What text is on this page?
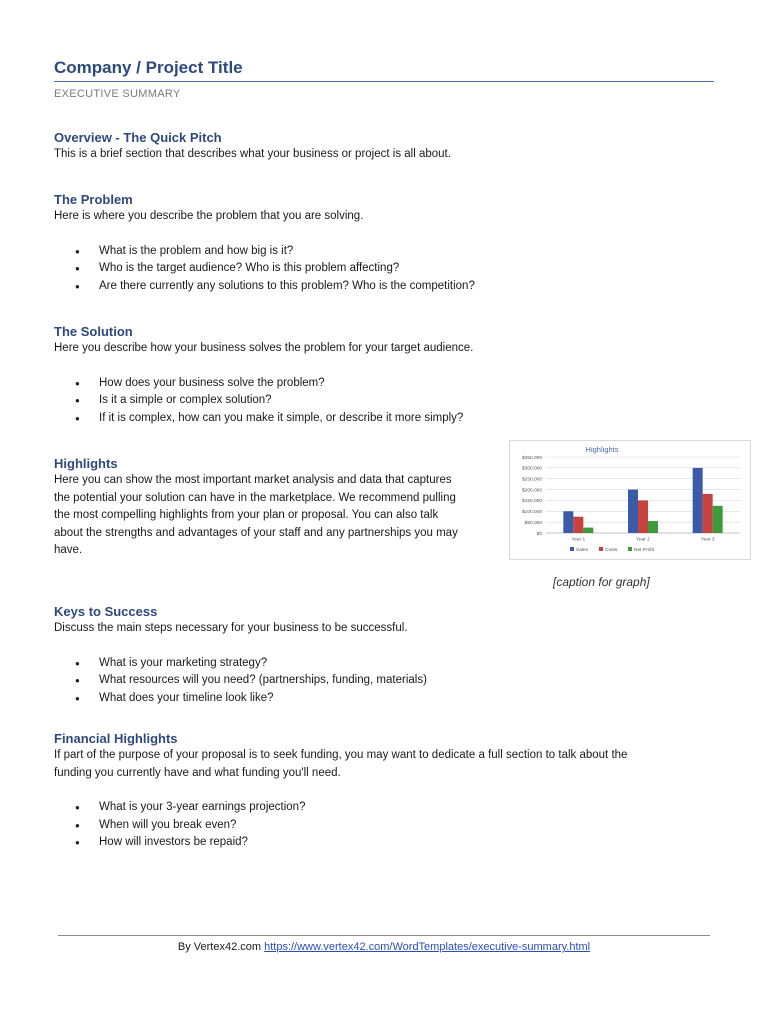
Company / Project Title
EXECUTIVE SUMMARY
Overview - The Quick Pitch

This is a brief section that describes what your business or project is all about.

The Problem

Here is where you describe the problem that you are solving.

● What is the problem and how big is it?
● Who is the target audience? Who is this problem affecting?
● Are there currently any solutions to this problem? Who is the competition?
The Solution

Here you describe how your business solves the problem for your target audience.

● How does your business solve the problem?
● Is it a simple or complex solution?
● If it is complex, how can you make it simple, or describe it more simply?
Highlights

Here you can show the most important market analysis and data that captures

the potential your solution can have in the marketplace. We recommend pulling

the most compelling highlights from your plan or proposal. You can also talk

about the strengths and advantages of your staff and any partnerships you may

have.

Highlights
$0
$50,000
$100,000
$150,000
$200,000
$250,000
$300,000
$350,000
Year 1	Year 2	Year 3
Sales	Costs	Net Profit
[caption for graph]
Keys to Success

Discuss the main steps necessary for your business to be successful.

● What is your marketing strategy?
● What resources will you need? (partnerships, funding, materials)
● What does your timeline look like?
Financial Highlights

If part of the purpose of your proposal is to seek funding, you may want to dedicate a full section to talk about the

funding you currently have and what funding you'll need.

● What is your 3-year earnings projection?
● When will you break even?
● How will investors be repaid?
By Vertex42.com https://www.vertex42.com/WordTemplates/executive-summary.html
